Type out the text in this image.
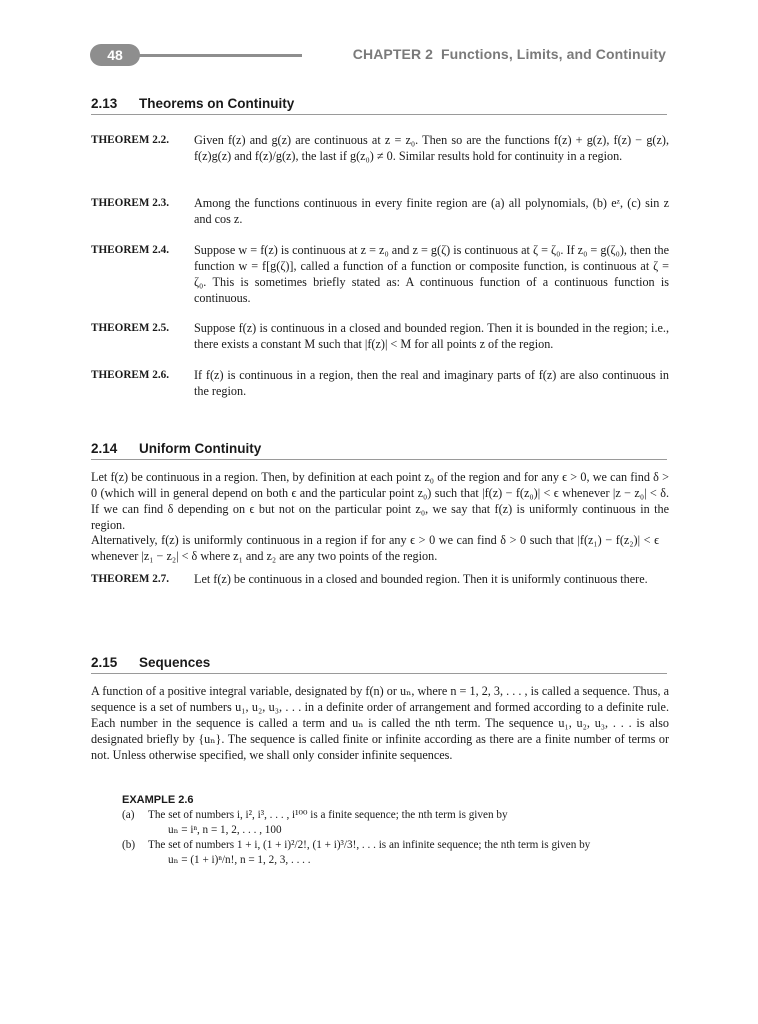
48	CHAPTER 2 Functions, Limits, and Continuity
2.13 Theorems on Continuity
THEOREM 2.2.	Given f(z) and g(z) are continuous at z = z₀. Then so are the functions f(z) + g(z), f(z) − g(z), f(z)g(z) and f(z)/g(z), the last if g(z₀) ≠ 0. Similar results hold for continuity in a region.
THEOREM 2.3.	Among the functions continuous in every finite region are (a) all polynomials, (b) eᶻ, (c) sin z and cos z.
THEOREM 2.4.	Suppose w = f(z) is continuous at z = z₀ and z = g(ζ) is continuous at ζ = ζ₀. If z₀ = g(ζ₀), then the function w = f[g(ζ)], called a function of a function or composite function, is continuous at ζ = ζ₀. This is sometimes briefly stated as: A continuous function of a continuous function is continuous.
THEOREM 2.5.	Suppose f(z) is continuous in a closed and bounded region. Then it is bounded in the region; i.e., there exists a constant M such that |f(z)| < M for all points z of the region.
THEOREM 2.6.	If f(z) is continuous in a region, then the real and imaginary parts of f(z) are also continuous in the region.
2.14 Uniform Continuity

Let f(z) be continuous in a region. Then, by definition at each point z₀ of the region and for any ϵ > 0, we can find δ > 0 (which will in general depend on both ϵ and the particular point z₀) such that |f(z) − f(z₀)| < ϵ whenever |z − z₀| < δ. If we can find δ depending on ϵ but not on the particular point z₀, we say that f(z) is uniformly continuous in the region.

Alternatively, f(z) is uniformly continuous in a region if for any ϵ > 0 we can find δ > 0 such that |f(z₁) − f(z₂)| < ϵ whenever |z₁ − z₂| < δ where z₁ and z₂ are any two points of the region.

THEOREM 2.7.	Let f(z) be continuous in a closed and bounded region. Then it is uniformly continuous there.
2.15 Sequences

A function of a positive integral variable, designated by f(n) or uₙ, where n = 1, 2, 3, . . . , is called a sequence. Thus, a sequence is a set of numbers u₁, u₂, u₃, . . . in a definite order of arrangement and formed according to a definite rule. Each number in the sequence is called a term and uₙ is called the nth term. The sequence u₁, u₂, u₃, . . . is also designated briefly by {uₙ}. The sequence is called finite or infinite according as there are a finite number of terms or not. Unless otherwise specified, we shall only consider infinite sequences.

EXAMPLE 2.6
(a) The set of numbers i, i², i³, . . . , i¹⁰⁰ is a finite sequence; the nth term is given by
uₙ = iⁿ, n = 1, 2, . . . , 100
(b) The set of numbers 1 + i, (1 + i)²/2!, (1 + i)³/3!, . . . is an infinite sequence; the nth term is given by
uₙ = (1 + i)ⁿ/n!, n = 1, 2, 3, . . . .
